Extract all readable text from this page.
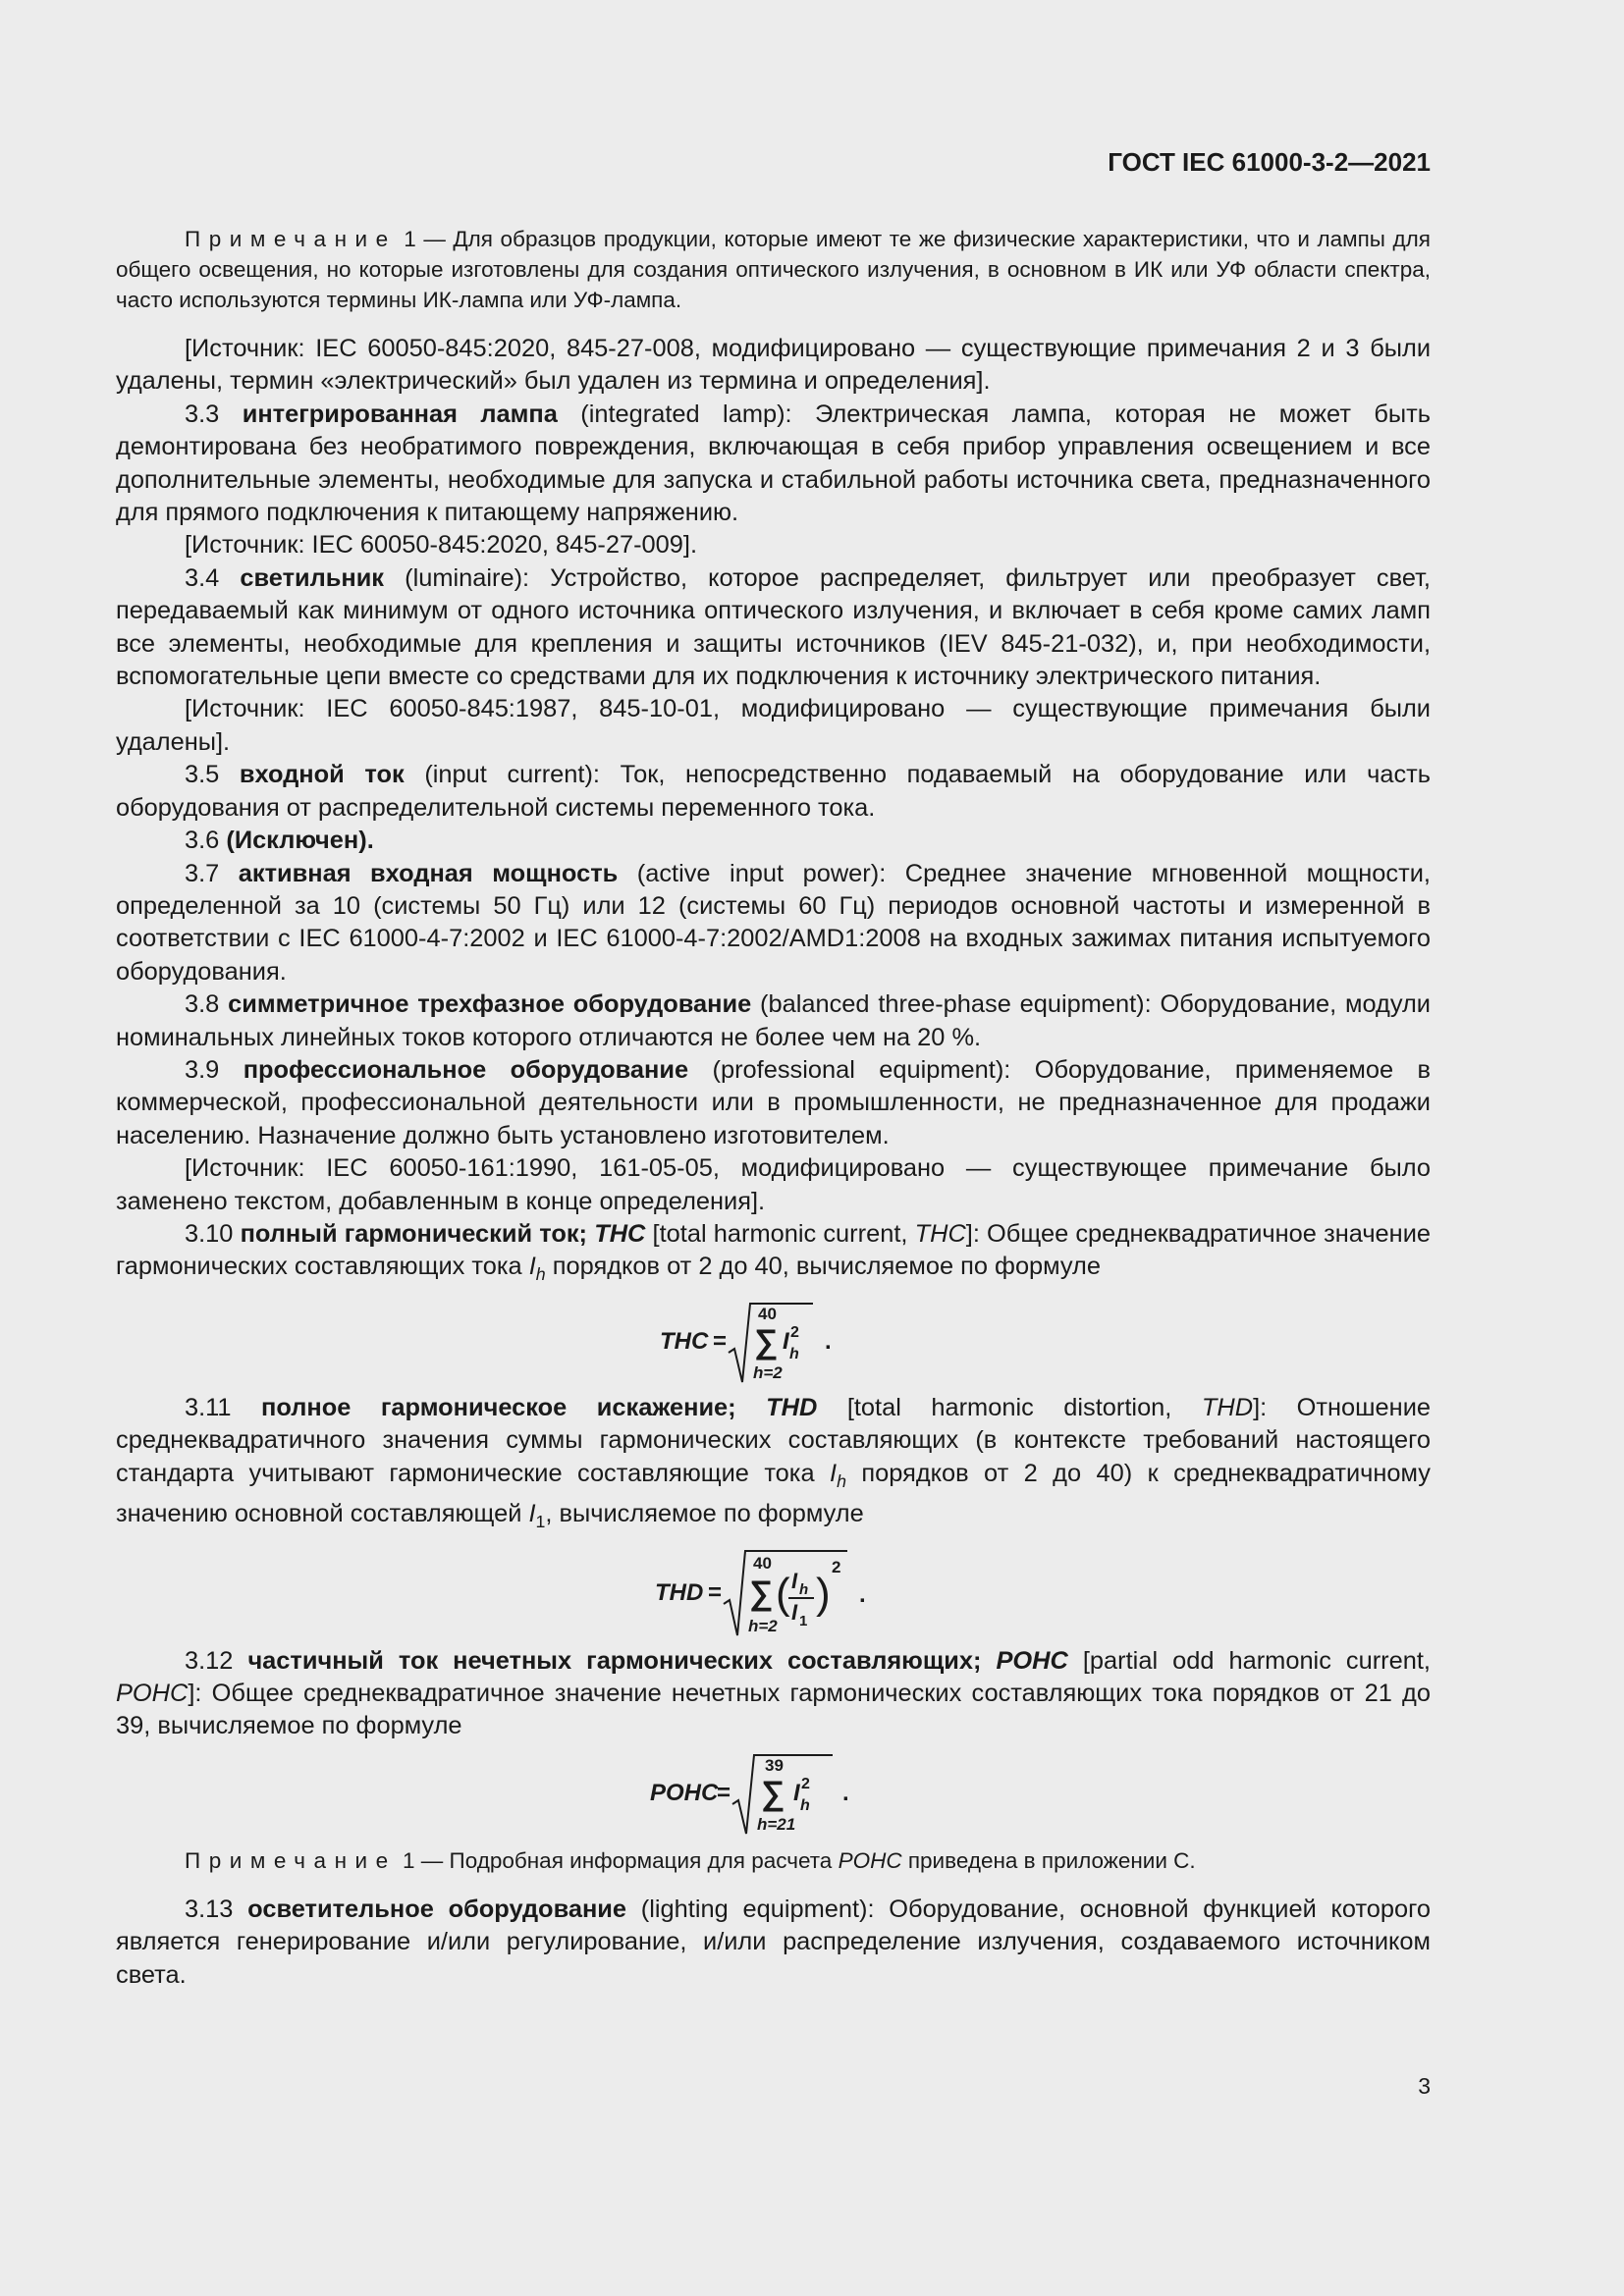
ГОСТ IEC 61000-3-2—2021

Примечание 1 — Для образцов продукции, которые имеют те же физические характеристики, что и лампы для общего освещения, но которые изготовлены для создания оптического излучения, в основном в ИК или УФ области спектра, часто используются термины ИК-лампа или УФ-лампа.

[Источник: IEC 60050-845:2020, 845-27-008, модифицировано — существующие примечания 2 и 3 были удалены, термин «электрический» был удален из термина и определения].

3.3 интегрированная лампа (integrated lamp): Электрическая лампа, которая не может быть демонтирована без необратимого повреждения, включающая в себя прибор управления освещением и все дополнительные элементы, необходимые для запуска и стабильной работы источника света, предназначенного для прямого подключения к питающему напряжению.

[Источник: IEC 60050-845:2020, 845-27-009].

3.4 светильник (luminaire): Устройство, которое распределяет, фильтрует или преобразует свет, передаваемый как минимум от одного источника оптического излучения, и включает в себя кроме самих ламп все элементы, необходимые для крепления и защиты источников (IEV 845-21-032), и, при необходимости, вспомогательные цепи вместе со средствами для их подключения к источнику электрического питания.

[Источник: IEC 60050-845:1987, 845-10-01, модифицировано — существующие примечания были удалены].

3.5 входной ток (input current): Ток, непосредственно подаваемый на оборудование или часть оборудования от распределительной системы переменного тока.

3.6 (Исключен).

3.7 активная входная мощность (active input power): Среднее значение мгновенной мощности, определенной за 10 (системы 50 Гц) или 12 (системы 60 Гц) периодов основной частоты и измеренной в соответствии с IEC 61000-4-7:2002 и IEC 61000-4-7:2002/AMD1:2008 на входных зажимах питания испытуемого оборудования.

3.8 симметричное трехфазное оборудование (balanced three-phase equipment): Оборудование, модули номинальных линейных токов которого отличаются не более чем на 20 %.

3.9 профессиональное оборудование (professional equipment): Оборудование, применяемое в коммерческой, профессиональной деятельности или в промышленности, не предназначенное для продажи населению. Назначение должно быть установлено изготовителем.

[Источник: IEC 60050-161:1990, 161-05-05, модифицировано — существующее примечание было заменено текстом, добавленным в конце определения].

3.10 полный гармонический ток; THC [total harmonic current, THC]: Общее среднеквадратичное значение гармонических составляющих тока $I_h$ порядков от 2 до 40, вычисляемое по формуле

THC =
40
∑
h=2
I 2
h .

3.11 полное гармоническое искажение; THD [total harmonic distortion, THD]: Отношение среднеквадратичного значения суммы гармонических составляющих (в контексте требований настоящего стандарта учитывают гармонические составляющие тока $I_h$ порядков от 2 до 40) к среднеквадратичному значению основной составляющей $I_1$, вычисляемое по формуле

THD =
40
∑
h=2
( I h
I 1
)
2
.

3.12 частичный ток нечетных гармонических составляющих; POHC [partial odd harmonic current, POHC]: Общее среднеквадратичное значение нечетных гармонических составляющих тока порядков от 21 до 39, вычисляемое по формуле

POHC
=
39
∑
h=21
I 2
h .

Примечание 1 — Подробная информация для расчета POHC приведена в приложении С.

3.13 осветительное оборудование (lighting equipment): Оборудование, основной функцией которого является генерирование и/или регулирование, и/или распределение излучения, создаваемого источником света.

3
